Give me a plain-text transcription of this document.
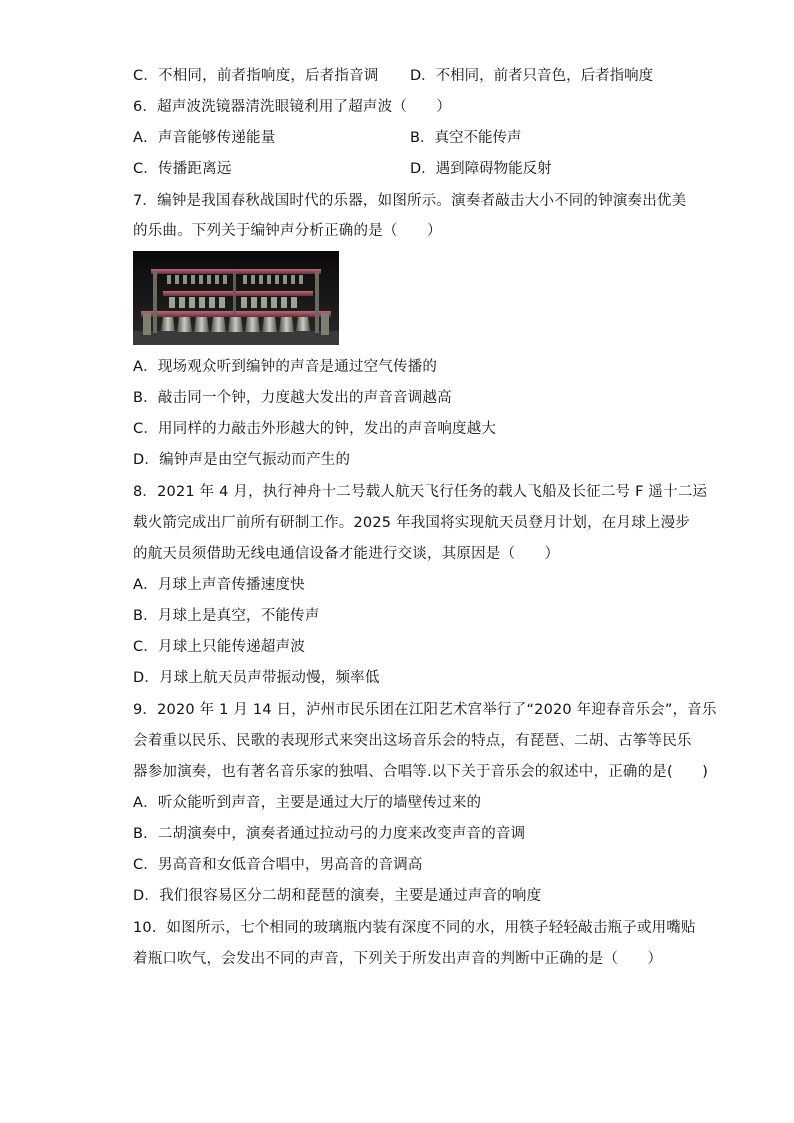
C．不相同，前者指响度，后者指音调 D．不相同，前者只音色，后者指响度
6．超声波洗镜器清洗眼镜利用了超声波（　　）
A．声音能够传递能量	B．真空不能传声
C．传播距离远	D．遇到障碍物能反射
7．编钟是我国春秋战国时代的乐器，如图所示。演奏者敲击大小不同的钟演奏出优美
的乐曲。下列关于编钟声分析正确的是（　　）
A．现场观众听到编钟的声音是通过空气传播的
B．敲击同一个钟，力度越大发出的声音音调越高
C．用同样的力敲击外形越大的钟，发出的声音响度越大
D．编钟声是由空气振动而产生的
8．2021 年 4 月，执行神舟十二号载人航天飞行任务的载人飞船及长征二号 F 遥十二运
载火箭完成出厂前所有研制工作。2025 年我国将实现航天员登月计划，在月球上漫步
的航天员须借助无线电通信设备才能进行交谈，其原因是（　　）
A．月球上声音传播速度快
B．月球上是真空，不能传声
C．月球上只能传递超声波
D．月球上航天员声带振动慢，频率低
9．2020 年 1 月 14 日，泸州市民乐团在江阳艺术宫举行了“2020 年迎春音乐会”，音乐
会着重以民乐、民歌的表现形式来突出这场音乐会的特点，有琵琶、二胡、古筝等民乐
器参加演奏，也有著名音乐家的独唱、合唱等.以下关于音乐会的叙述中，正确的是(　　)
A．听众能听到声音，主要是通过大厅的墙壁传过来的
B．二胡演奏中，演奏者通过拉动弓的力度来改变声音的音调
C．男高音和女低音合唱中，男高音的音调高
D．我们很容易区分二胡和琵琶的演奏，主要是通过声音的响度
10．如图所示，七个相同的玻璃瓶内装有深度不同的水，用筷子轻轻敲击瓶子或用嘴贴
着瓶口吹气，会发出不同的声音，下列关于所发出声音的判断中正确的是（　　）
